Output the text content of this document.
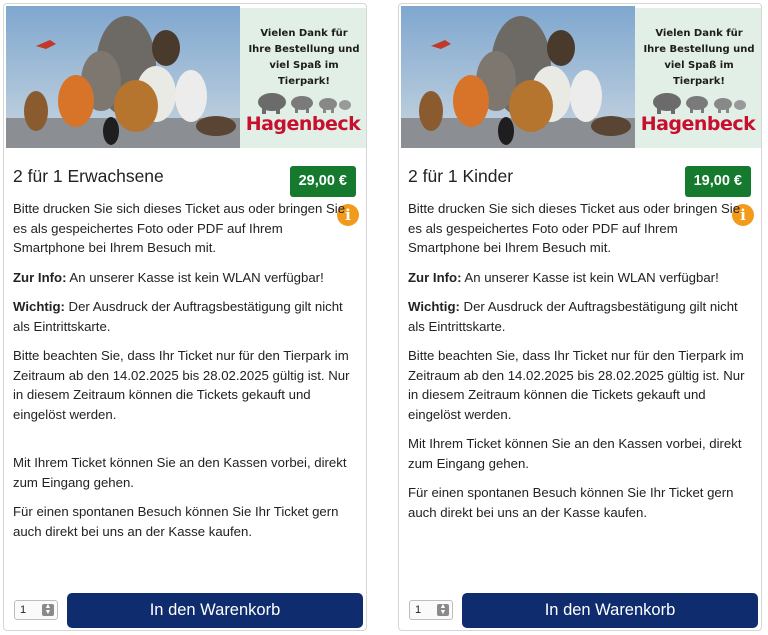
Vielen Dank für Ihre Bestellung und viel Spaß im Tierpark!
Hagenbeck
2 für 1 Erwachsene	29,00 €
i

Bitte drucken Sie sich dieses Ticket aus oder bringen Sie es als gespeichertes Foto oder PDF auf Ihrem Smartphone bei Ihrem Besuch mit.

Zur Info: An unserer Kasse ist kein WLAN verfügbar!

Wichtig: Der Ausdruck der Auftragsbestätigung gilt nicht als Eintrittskarte.

Bitte beachten Sie, dass Ihr Ticket nur für den Tierpark im Zeitraum ab den 14.02.2025 bis 28.02.2025 gültig ist. Nur in diesem Zeitraum können die Tickets gekauft und eingelöst werden.

Mit Ihrem Ticket können Sie an den Kassen vorbei, direkt zum Eingang gehen.

Für einen spontanen Besuch können Sie Ihr Ticket gern auch direkt bei uns an der Kasse kaufen.

1	▲
▼	In den Warenkorb
Vielen Dank für Ihre Bestellung und viel Spaß im Tierpark!
Hagenbeck
2 für 1 Kinder	19,00 €
i

Bitte drucken Sie sich dieses Ticket aus oder bringen Sie es als gespeichertes Foto oder PDF auf Ihrem Smartphone bei Ihrem Besuch mit.

Zur Info: An unserer Kasse ist kein WLAN verfügbar!

Wichtig: Der Ausdruck der Auftragsbestätigung gilt nicht als Eintrittskarte.

Bitte beachten Sie, dass Ihr Ticket nur für den Tierpark im Zeitraum ab den 14.02.2025 bis 28.02.2025 gültig ist. Nur in diesem Zeitraum können die Tickets gekauft und eingelöst werden.

Mit Ihrem Ticket können Sie an den Kassen vorbei, direkt zum Eingang gehen.

Für einen spontanen Besuch können Sie Ihr Ticket gern auch direkt bei uns an der Kasse kaufen.

1	▲
▼	In den Warenkorb
